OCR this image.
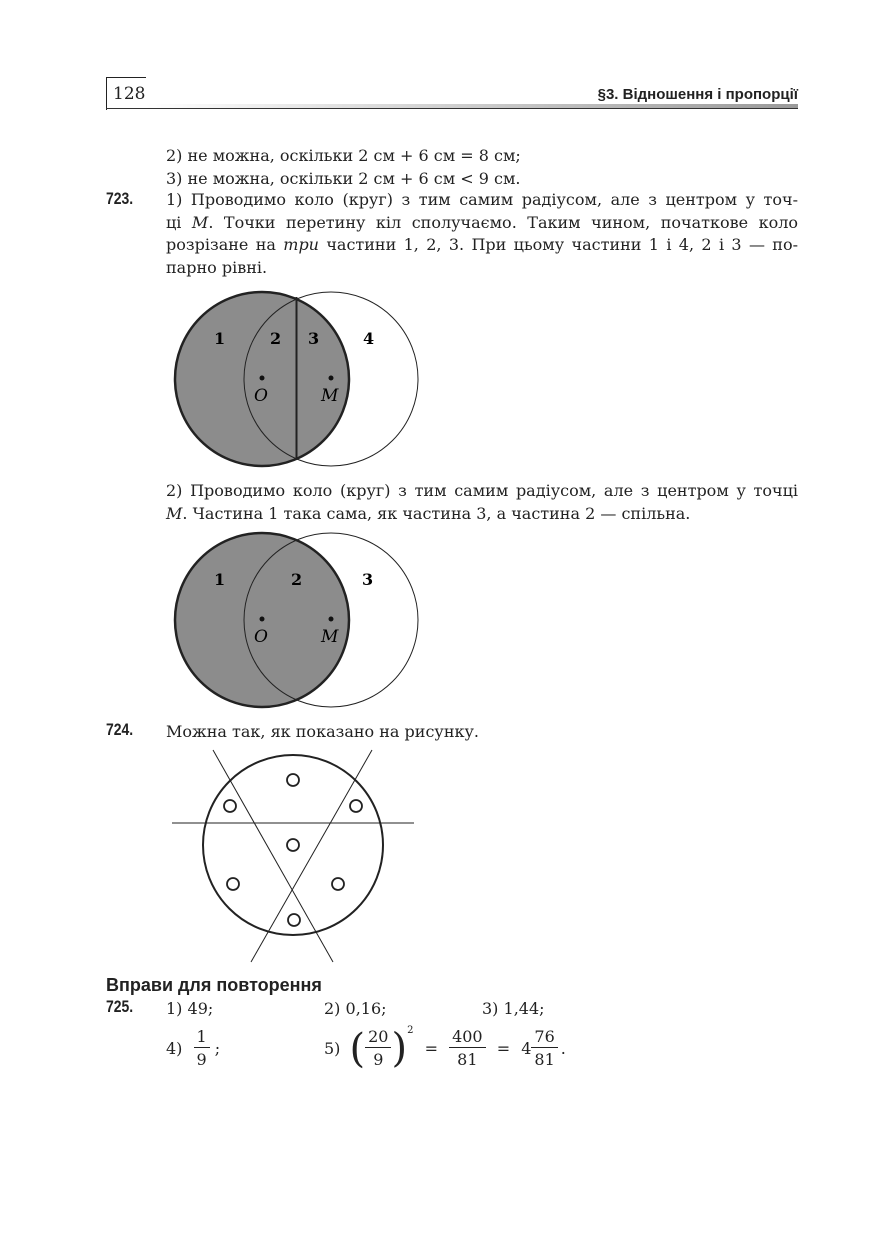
128	§3. Відношення і пропорції
2) не можна, оскільки 2 см + 6 см = 8 см;
3) не можна, оскільки 2 см + 6 см < 9 см.
723. 1) Проводимо коло (круг) з тим самим радіусом, але з центром у точ-
ці М. Точки перетину кіл сполучаємо. Таким чином, початкове коло
розрізане на три частини 1, 2, 3. При цьому частини 1 і 4, 2 і 3 — по-
парно рівні.
1	2 3	4
O	M
2) Проводимо коло (круг) з тим самим радіусом, але з центром у точці
М. Частина 1 така сама, як частина 3, а частина 2 — спільна.
1	2	3
O	M
724. Можна так, як показано на рисунку.
Вправи для повторення
725. 1) 49;	2) 0,16;	3) 1,44;
$4) \frac{1}{9}$ ;	5) ( $\frac{20}{9} )^2 = \frac{400}{81} = 4 \frac{76}{81}$ .
